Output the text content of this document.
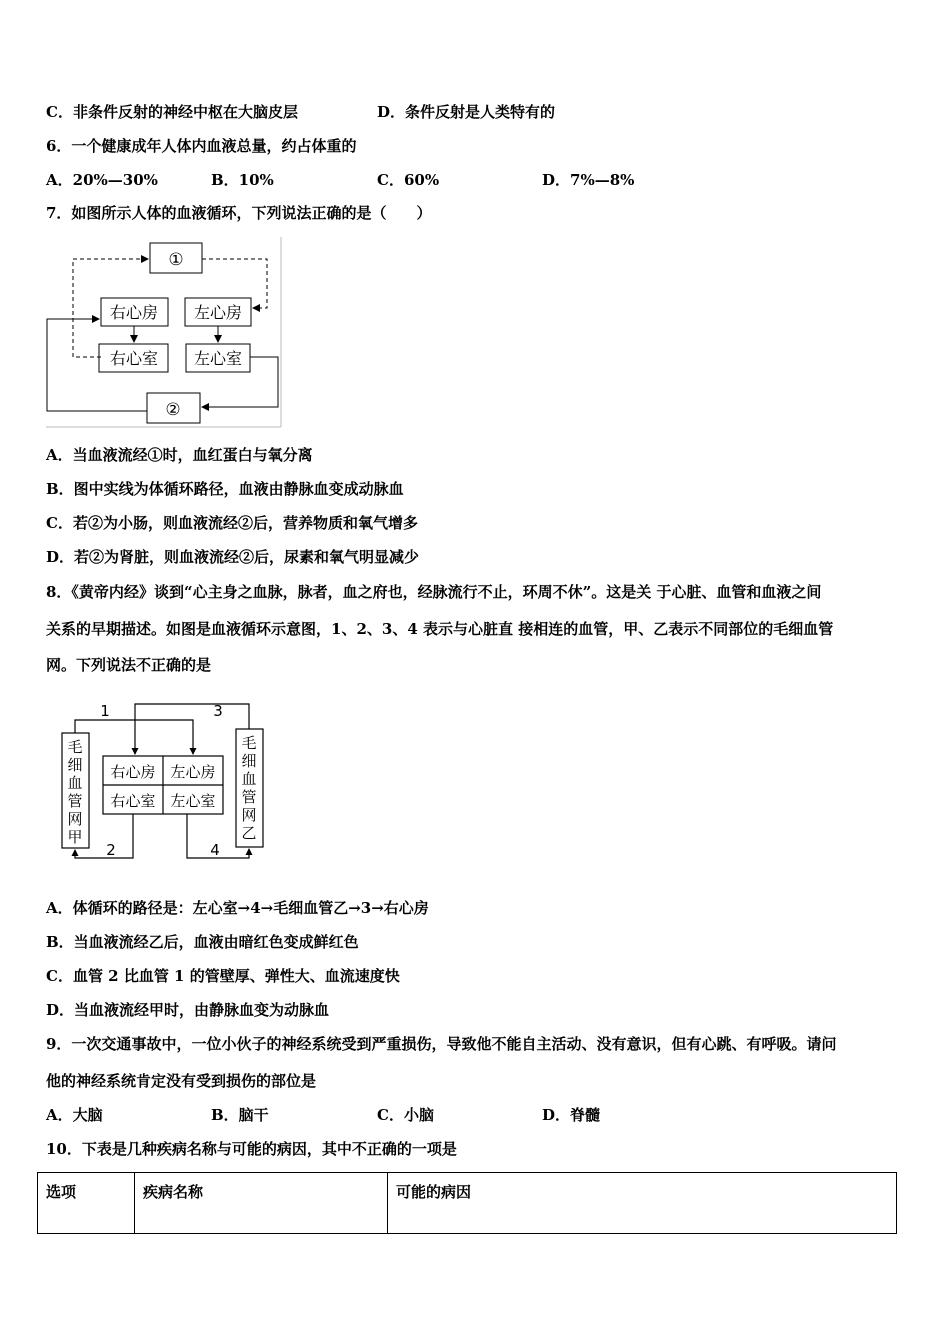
C．非条件反射的神经中枢在大脑皮层	D．条件反射是人类特有的
6．一个健康成年人体内血液总量，约占体重的
A．20%—30%	B．10%	C．60%	D．7%—8%
7．如图所示人体的血液循环，下列说法正确的是（　　）
①
右心房 左心房
右心室 左心室
②
A．当血液流经①时，血红蛋白与氧分离
B．图中实线为体循环路径，血液由静脉血变成动脉血
C．若②为小肠，则血液流经②后，营养物质和氧气增多
D．若②为肾脏，则血液流经②后，尿素和氧气明显减少
8．《黄帝内经》谈到“心主身之血脉，脉者，血之府也，经脉流行不止，环周不休”。这是关 于心脏、血管和血液之间
关系的早期描述。如图是血液循环示意图，1、2、3、4 表示与心脏直 接相连的血管，甲、乙表示不同部位的毛细血管
网。下列说法不正确的是
毛
细
血
管
网
甲
毛
细
血
管
网
乙
右心房 左心房
右心室 左心室
1	3
2	4
A．体循环的路径是：左心室→4→毛细血管乙→3→右心房
B．当血液流经乙后，血液由暗红色变成鲜红色
C．血管 2 比血管 1 的管壁厚、弹性大、血流速度快
D．当血液流经甲时，由静脉血变为动脉血
9．一次交通事故中，一位小伙子的神经系统受到严重损伤，导致他不能自主活动、没有意识，但有心跳、有呼吸。请问
他的神经系统肯定没有受到损伤的部位是
A．大脑	B．脑干	C．小脑	D．脊髓
10．下表是几种疾病名称与可能的病因，其中不正确的一项是
选项	疾病名称	可能的病因
